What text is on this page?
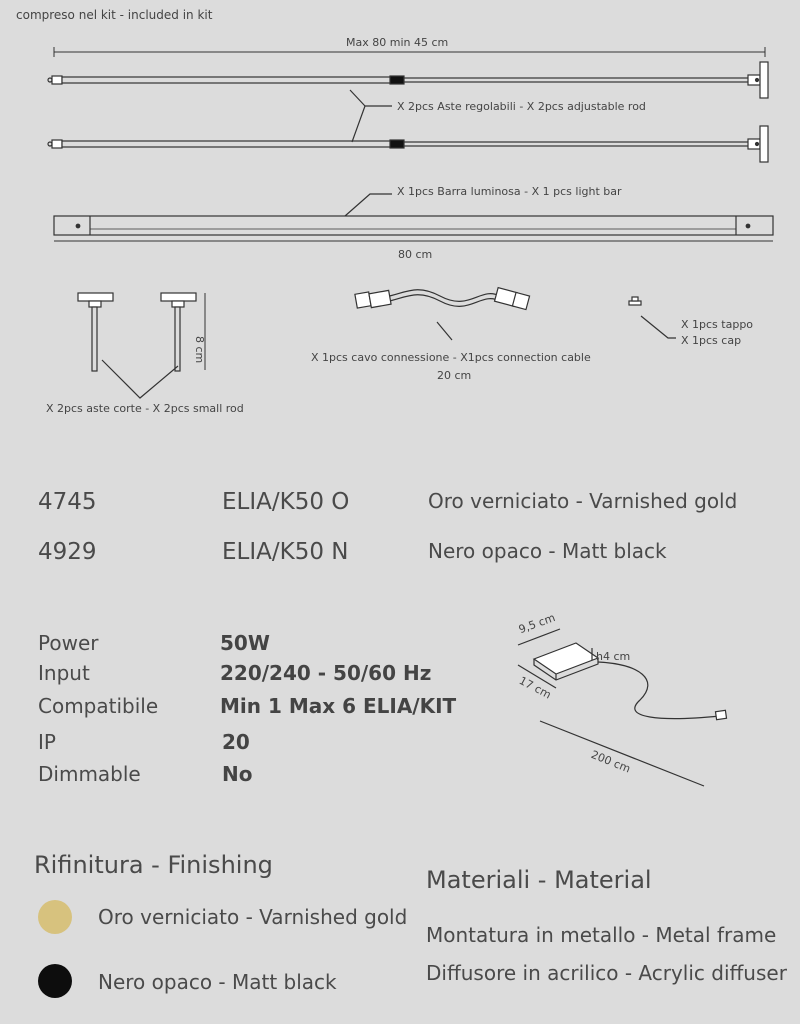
compreso nel kit - included in kit
Max 80 min 45 cm
X 2pcs Aste regolabili - X 2pcs adjustable rod
X 1pcs Barra luminosa - X 1 pcs light bar
80 cm
8 cm
X 2pcs aste corte - X 2pcs small rod
X 1pcs cavo connessione - X1pcs connection cable
20 cm
X 1pcs tappo
X 1pcs cap
4745	ELIA/K50 O	Oro verniciato - Varnished gold
4929	ELIA/K50 N	Nero opaco - Matt black
Power	50W
Input	220/240 - 50/60 Hz
Compatibile	Min 1 Max 6 ELIA/KIT
IP	20
Dimmable	No
9,5 cm
h4 cm
17 cm
200 cm
Rifinitura - Finishing
Oro verniciato - Varnished gold
Nero opaco - Matt black
Materiali - Material
Montatura in metallo - Metal frame
Diffusore in acrilico - Acrylic diffuser
